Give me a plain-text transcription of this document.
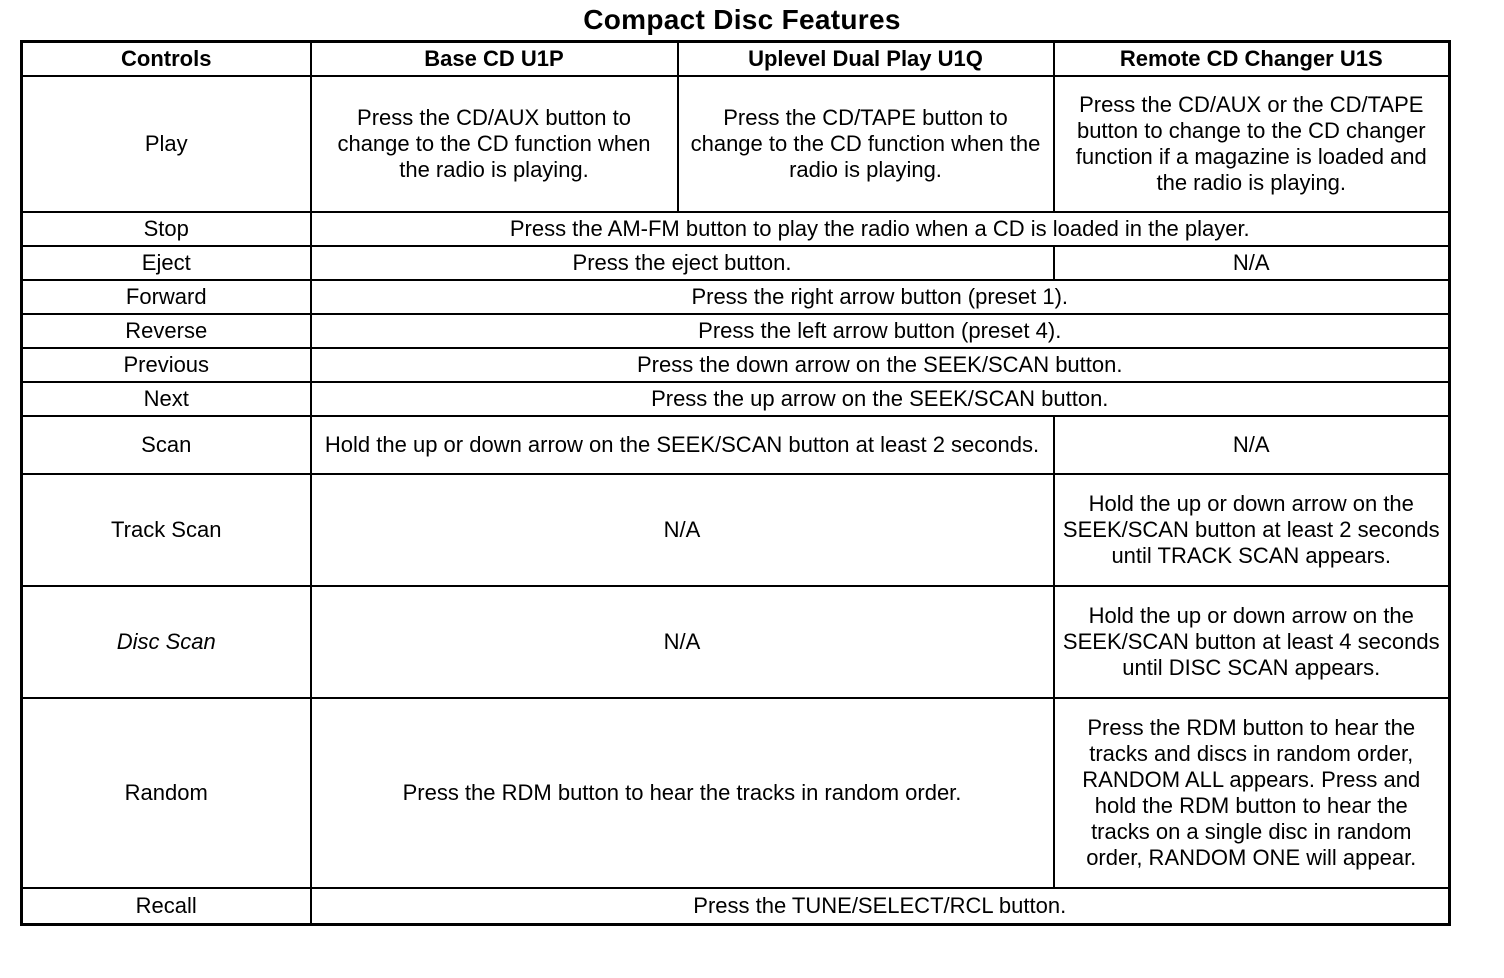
Compact Disc Features
Controls	Base CD U1P	Uplevel Dual Play U1Q	Remote CD Changer U1S
Play	Press the CD/AUX button to change to the CD function when the radio is playing.	Press the CD/TAPE button to change to the CD function when the radio is playing.	Press the CD/AUX or the CD/TAPE button to change to the CD changer function if a magazine is loaded and the radio is playing.
Stop	Press the AM-FM button to play the radio when a CD is loaded in the player.		
Eject	Press the eject button.		N/A
Forward	Press the right arrow button (preset 1).		
Reverse	Press the left arrow button (preset 4).		
Previous	Press the down arrow on the SEEK/SCAN button.		
Next	Press the up arrow on the SEEK/SCAN button.		
Scan	Hold the up or down arrow on the SEEK/SCAN button at least 2 seconds.		N/A
Track Scan	N/A		Hold the up or down arrow on the SEEK/SCAN button at least 2 seconds until TRACK SCAN appears.
Disc Scan	N/A		Hold the up or down arrow on the SEEK/SCAN button at least 4 seconds until DISC SCAN appears.
Random	Press the RDM button to hear the tracks in random order.		Press the RDM button to hear the tracks and discs in random order, RANDOM ALL appears. Press and hold the RDM button to hear the tracks on a single disc in random order, RANDOM ONE will appear.
Recall	Press the TUNE/SELECT/RCL button.		
